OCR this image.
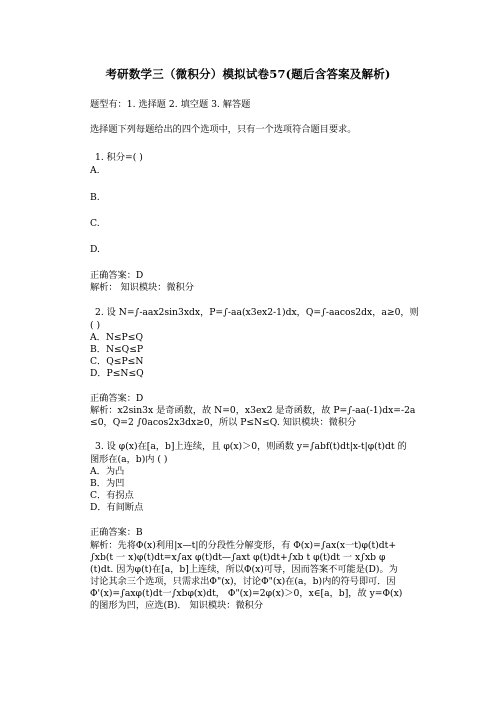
考研数学三（微积分）模拟试卷57(题后含答案及解析)
题型有：1. 选择题 2. 填空题 3. 解答题
选择题下列每题给出的四个选项中，只有一个选项符合题目要求。
1. 积分=( )
A.
B.
C.
D.
正确答案：D
解析： 知识模块：微积分
2. 设 N=∫-aax2sin3xdx，P=∫-aa(x3ex2-1)dx，Q=∫-aacos2dx，a≥0，则
( )
A．N≤P≤Q
B．N≤Q≤P
C．Q≤P≤N
D．P≤N≤Q
正确答案：D
解析：x2sin3x 是奇函数，故 N=0，x3ex2 是奇函数，故 P=∫-aa(-1)dx=-2a
≤0，Q=2 ∫0acos2x3dx≥0，所以 P≤N≤Q. 知识模块：微积分
3. 设 φ(x)在[a，b]上连续，且 φ(x)＞0，则函数 y=∫abf(t)dt|x-t|φ(t)dt 的
图形在(a，b)内 ( )
A．为凸
B．为凹
C．有拐点
D．有间断点
正确答案：B
解析：先将Φ(x)利用|x—t|的分段性分解变形，有 Φ(x)=∫ax(x一t)φ(t)dt+
∫xb(t 一 x)φ(t)dt=x∫ax φ(t)dt—∫axt φ(t)dt+∫xb t φ(t)dt 一 x∫xb φ
(t)dt. 因为φ(t)在[a，b]上连续，所以Φ(x)可导，因而答案不可能是(D)。为
讨论其余三个选项，只需求出Φ"(x)，讨论Φ"(x)在(a，b)内的符号即可．因
Φ'(x)=∫axφ(t)dt一∫xbφ(x)dt， Φ"(x)=2φ(x)＞0，x∈[a，b]，故 y=Φ(x)
的图形为凹，应选(B)． 知识模块：微积分
